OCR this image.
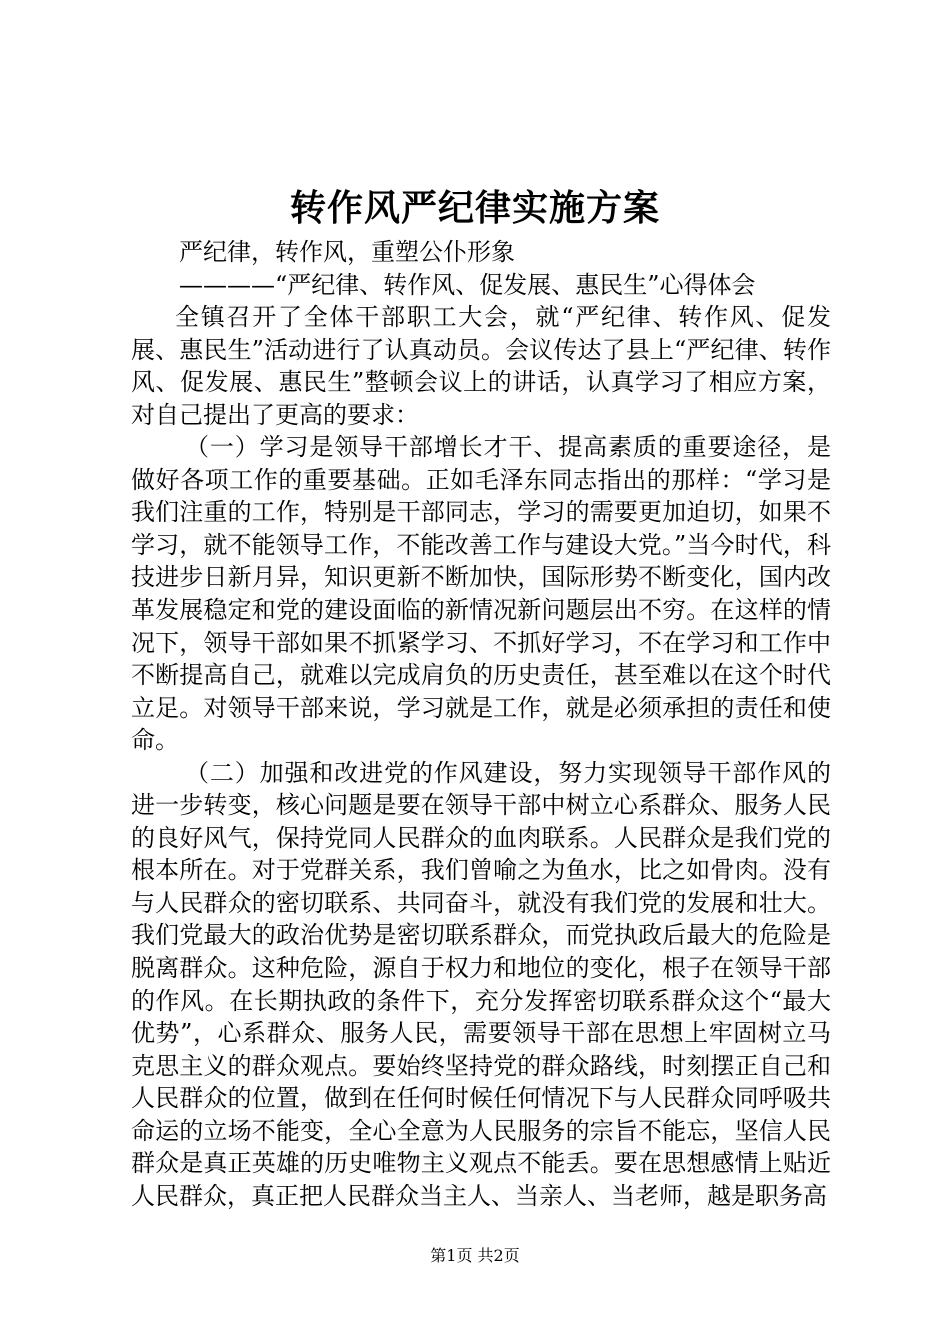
转作风严纪律实施方案

严纪律，转作风，重塑公仆形象

————“严纪律、转作风、促发展、惠民生”心得体会

全镇召开了全体干部职工大会，就“严纪律、转作风、促发展、惠民生”活动进行了认真动员。会议传达了县上“严纪律、转作风、促发展、惠民生”整顿会议上的讲话，认真学习了相应方案，对自己提出了更高的要求：

（一）学习是领导干部增长才干、提高素质的重要途径，是做好各项工作的重要基础。正如毛泽东同志指出的那样：“学习是我们注重的工作，特别是干部同志，学习的需要更加迫切，如果不学习，就不能领导工作，不能改善工作与建设大党。”当今时代，科技进步日新月异，知识更新不断加快，国际形势不断变化，国内改革发展稳定和党的建设面临的新情况新问题层出不穷。在这样的情况下，领导干部如果不抓紧学习、不抓好学习，不在学习和工作中不断提高自己，就难以完成肩负的历史责任，甚至难以在这个时代立足。对领导干部来说，学习就是工作，就是必须承担的责任和使命。

（二）加强和改进党的作风建设，努力实现领导干部作风的进一步转变，核心问题是要在领导干部中树立心系群众、服务人民的良好风气，保持党同人民群众的血肉联系。人民群众是我们党的根本所在。对于党群关系，我们曾喻之为鱼水，比之如骨肉。没有与人民群众的密切联系、共同奋斗，就没有我们党的发展和壮大。我们党最大的政治优势是密切联系群众，而党执政后最大的危险是脱离群众。这种危险，源自于权力和地位的变化，根子在领导干部的作风。在长期执政的条件下，充分发挥密切联系群众这个“最大优势”，心系群众、服务人民，需要领导干部在思想上牢固树立马克思主义的群众观点。要始终坚持党的群众路线，时刻摆正自己和人民群众的位置，做到在任何时候任何情况下与人民群众同呼吸共命运的立场不能变，全心全意为人民服务的宗旨不能忘，坚信人民群众是真正英雄的历史唯物主义观点不能丢。要在思想感情上贴近人民群众，真正把人民群众当主人、当亲人、当老师，越是职务高

第1页 共2页
